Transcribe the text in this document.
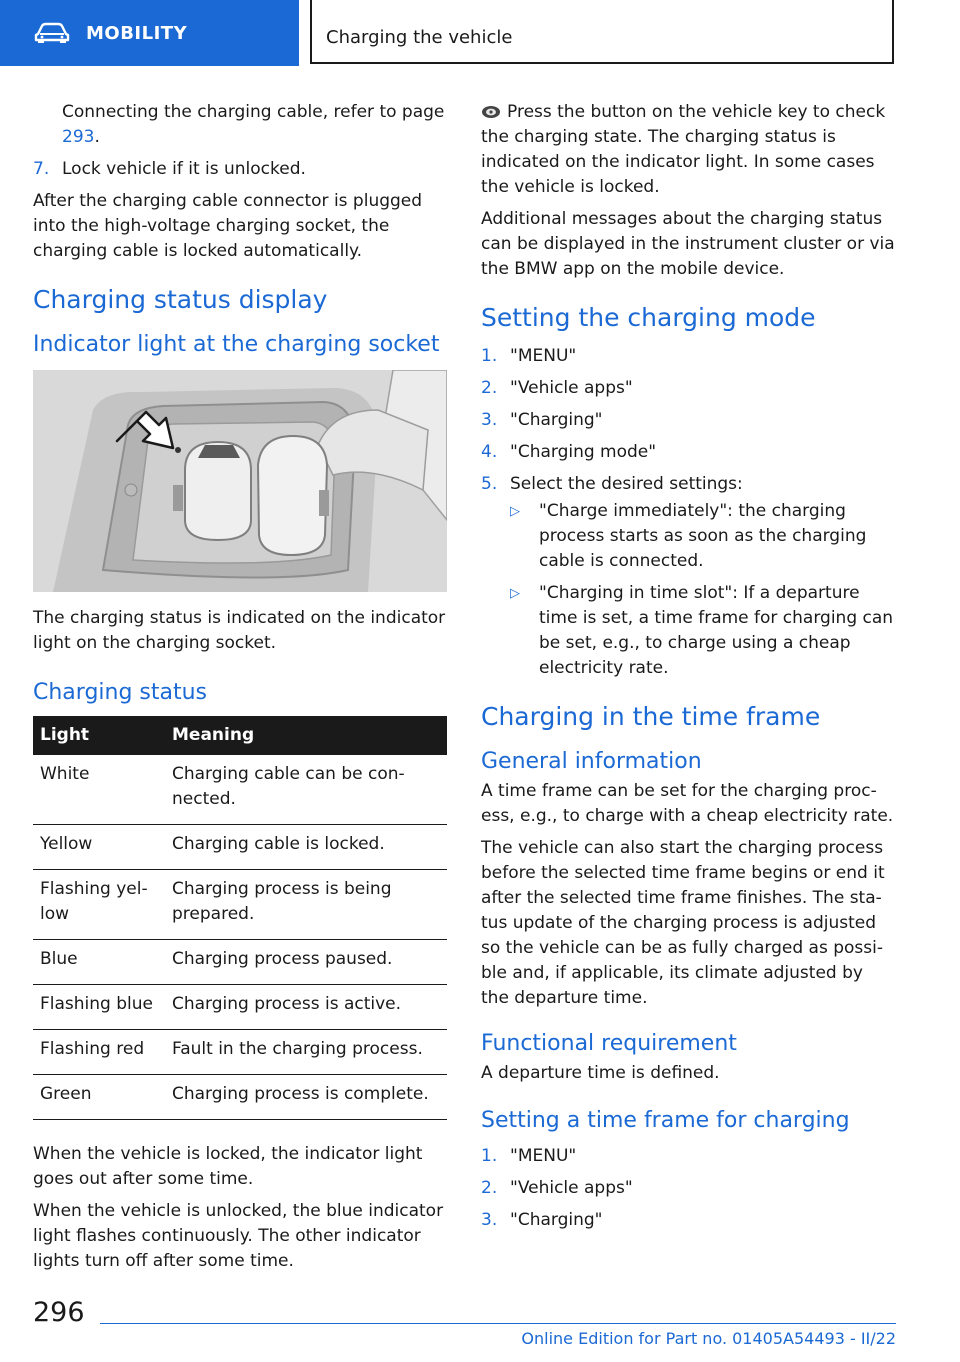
MOBILITY	Charging the vehicle

Connecting the charging cable, refer to page 293.

7. Lock vehicle if it is unlocked.

After the charging cable connector is plugged into the high-voltage charging socket, the charging cable is locked automatically.

Charging status display
Indicator light at the charging socket

The charging status is indicated on the indicator light on the charging socket.

Charging status
Light	Meaning
White	Charging cable can be connected.
Yellow	Charging cable is locked.
Flashing yellow	Charging process is being prepared.
Blue	Charging process paused.
Flashing blue	Charging process is active.
Flashing red	Fault in the charging process.
Green	Charging process is complete.

When the vehicle is locked, the indicator light goes out after some time.

When the vehicle is unlocked, the blue indicator light flashes continuously. The other indicator lights turn off after some time.

Press the button on the vehicle key to check the charging state. The charging status is indicated on the indicator light. In some cases the vehicle is locked.

Additional messages about the charging status can be displayed in the instrument cluster or via the BMW app on the mobile device.

Setting the charging mode
1. "MENU"
2. "Vehicle apps"
3. "Charging"
4. "Charging mode"
5. Select the desired settings:
▷	"Charge immediately": the charging process starts as soon as the charging cable is connected.
▷	"Charging in time slot": If a departure time is set, a time frame for charging can be set, e.g., to charge using a cheap electricity rate.
Charging in the time frame
General information

A time frame can be set for the charging process, e.g., to charge with a cheap electricity rate.

The vehicle can also start the charging process before the selected time frame begins or end it after the selected time frame finishes. The status update of the charging process is adjusted so the vehicle can be as fully charged as possible and, if applicable, its climate adjusted by the departure time.

Functional requirement

A departure time is defined.

Setting a time frame for charging
1. "MENU"
2. "Vehicle apps"
3. "Charging"
296
Online Edition for Part no. 01405A54493 - II/22
